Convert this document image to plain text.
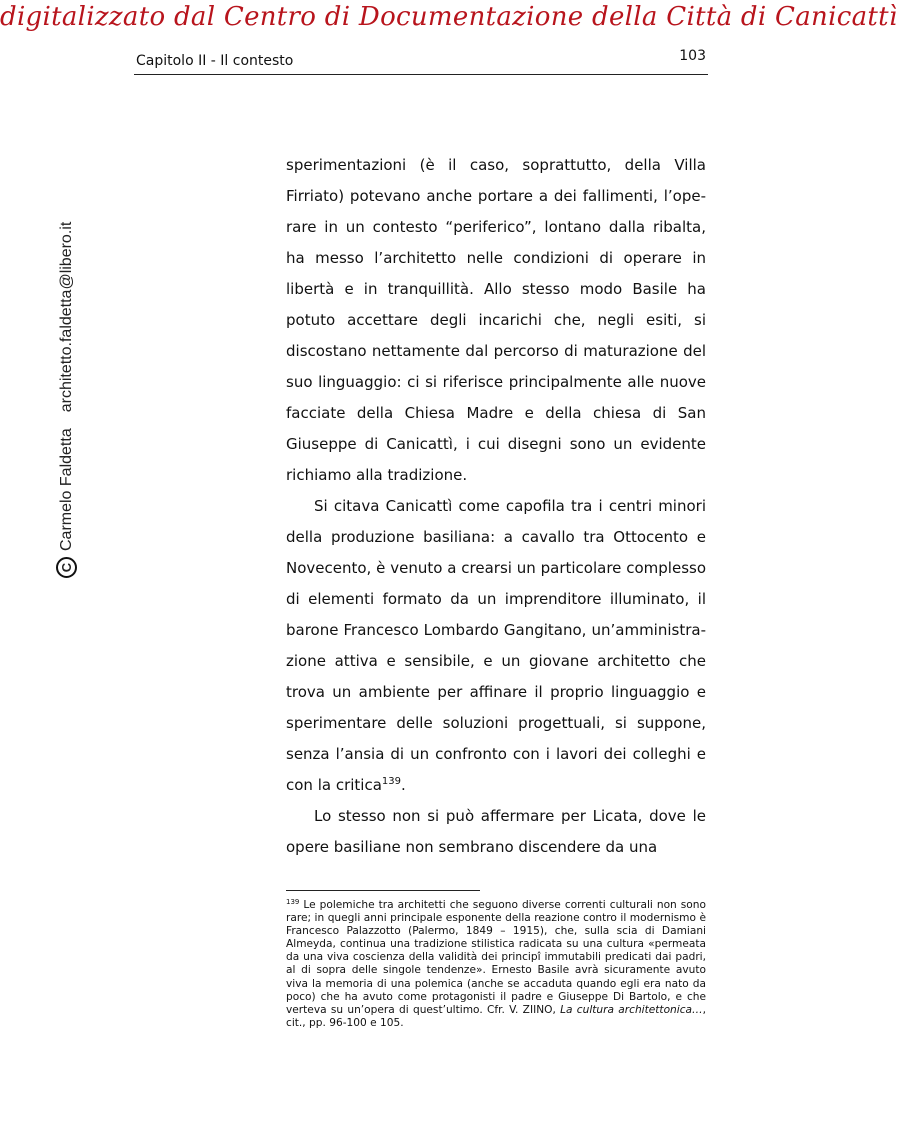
digitalizzato dal Centro di Documentazione della Città di Canicattì
Capitolo II - Il contesto	103
C
Carmelo Faldetta
architetto.faldetta@libero.it

sperimentazioni (è il caso, soprattutto, della Villa Firriato) potevano anche portare a dei fallimenti, l’operare in un contesto “periferico”, lontano dalla ribalta, ha messo l’architetto nelle condizioni di operare in libertà e in tranquillità. Allo stesso modo Basile ha potuto accettare degli incarichi che, negli esiti, si discostano nettamente dal percorso di maturazione del suo linguaggio: ci si riferisce principalmente alle nuove facciate della Chiesa Madre e della chiesa di San Giuseppe di Canicattì, i cui disegni sono un evidente richiamo alla tradizione.

Si citava Canicattì come capofila tra i centri minori della produzione basiliana: a cavallo tra Ottocento e Novecento, è venuto a crearsi un particolare complesso di elementi formato da un imprenditore illuminato, il barone Francesco Lombardo Gangitano, un’amministrazione attiva e sensibile, e un giovane architetto che trova un ambiente per affinare il proprio linguaggio e sperimentare delle soluzioni progettuali, si suppone, senza l’ansia di un confronto con i lavori dei colleghi e con la critica$^{139}$.

Lo stesso non si può affermare per Licata, dove le opere basiliane non sembrano discendere da una

$^{139}$ Le polemiche tra architetti che seguono diverse correnti culturali non sono rare; in quegli anni principale esponente della reazione contro il modernismo è Francesco Palazzotto (Palermo, 1849 – 1915), che, sulla scia di Damiani Almeyda, continua una tradizione stilistica radicata su una cultura «permeata da una viva coscienza della validità dei principî immutabili predicati dai padri, al di sopra delle singole tendenze». Ernesto Basile avrà sicuramente avuto viva la memoria di una polemica (anche se accaduta quando egli era nato da poco) che ha avuto come protagonisti il padre e Giuseppe Di Bartolo, e che verteva su un’opera di quest’ultimo. Cfr. V. ZIINO, La cultura architettonica…, cit., pp. 96-100 e 105.
